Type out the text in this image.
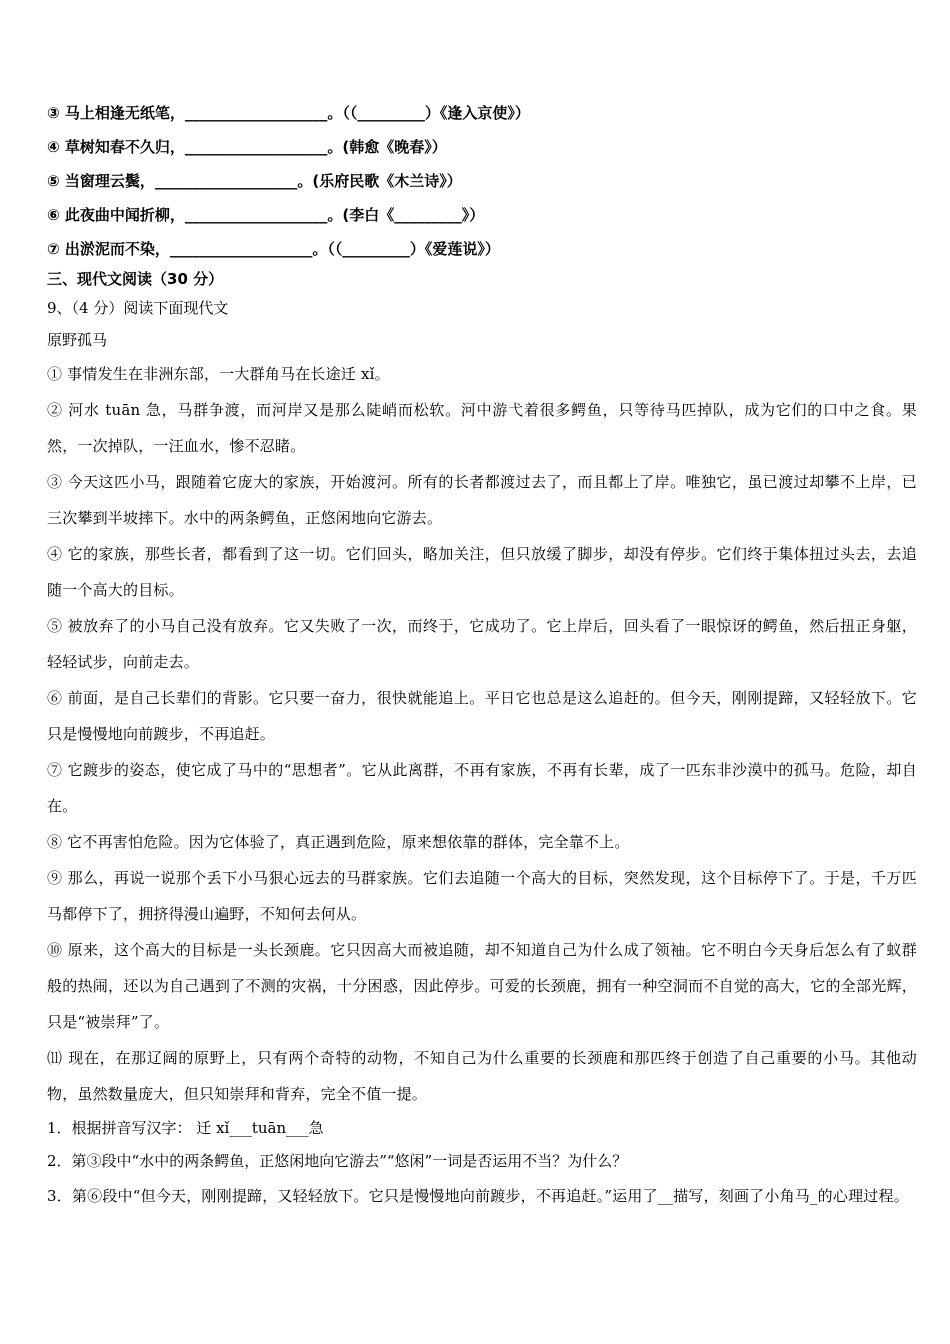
③ 马上相逢无纸笔，___________________。（（_________）《逢入京使》）
④ 草树知春不久归，___________________。(韩愈《晚春》）
⑤ 当窗理云鬓，___________________。(乐府民歌《木兰诗》）
⑥ 此夜曲中闻折柳，___________________。(李白《_________》）
⑦ 出淤泥而不染，___________________。（（_________）《爱莲说》）
三、现代文阅读（30 分）
9、（4 分）阅读下面现代文
原野孤马
① 事情发生在非洲东部，一大群角马在长途迁 xǐ。
② 河水 tuān 急，马群争渡，而河岸又是那么陡峭而松软。河中游弋着很多鳄鱼，只等待马匹掉队，成为它们的口中之食。果然，一次掉队，一汪血水，惨不忍睹。
③ 今天这匹小马，跟随着它庞大的家族，开始渡河。所有的长者都渡过去了，而且都上了岸。唯独它，虽已渡过却攀不上岸，已三次攀到半坡摔下。水中的两条鳄鱼，正悠闲地向它游去。
④ 它的家族，那些长者，都看到了这一切。它们回头，略加关注，但只放缓了脚步，却没有停步。它们终于集体扭过头去，去追随一个高大的目标。
⑤ 被放弃了的小马自己没有放弃。它又失败了一次，而终于，它成功了。它上岸后，回头看了一眼惊讶的鳄鱼，然后扭正身躯，轻轻试步，向前走去。
⑥ 前面，是自己长辈们的背影。它只要一奋力，很快就能追上。平日它也总是这么追赶的。但今天，刚刚提蹄，又轻轻放下。它只是慢慢地向前踱步，不再追赶。
⑦ 它踱步的姿态，使它成了马中的“思想者”。它从此离群，不再有家族，不再有长辈，成了一匹东非沙漠中的孤马。危险，却自在。
⑧ 它不再害怕危险。因为它体验了，真正遇到危险，原来想依靠的群体，完全靠不上。
⑨ 那么，再说一说那个丢下小马狠心远去的马群家族。它们去追随一个高大的目标，突然发现，这个目标停下了。于是，千万匹马都停下了，拥挤得漫山遍野，不知何去何从。
⑩ 原来，这个高大的目标是一头长颈鹿。它只因高大而被追随，却不知道自己为什么成了领袖。它不明白今天身后怎么有了蚁群般的热闹，还以为自己遇到了不测的灾祸，十分困惑，因此停步。可爱的长颈鹿，拥有一种空洞而不自觉的高大，它的全部光辉，只是“被崇拜”了。
⑾ 现在，在那辽阔的原野上，只有两个奇特的动物，不知自己为什么重要的长颈鹿和那匹终于创造了自己重要的小马。其他动物，虽然数量庞大，但只知崇拜和背弃，完全不值一提。
1．根据拼音写汉字： 迁 xǐ___tuān___急
2．第③段中“水中的两条鳄鱼，正悠闲地向它游去”“悠闲”一词是否运用不当？为什么？
3．第⑥段中“但今天，刚刚提蹄，又轻轻放下。它只是慢慢地向前踱步，不再追赶。”运用了__描写，刻画了小角马_的心理过程。
